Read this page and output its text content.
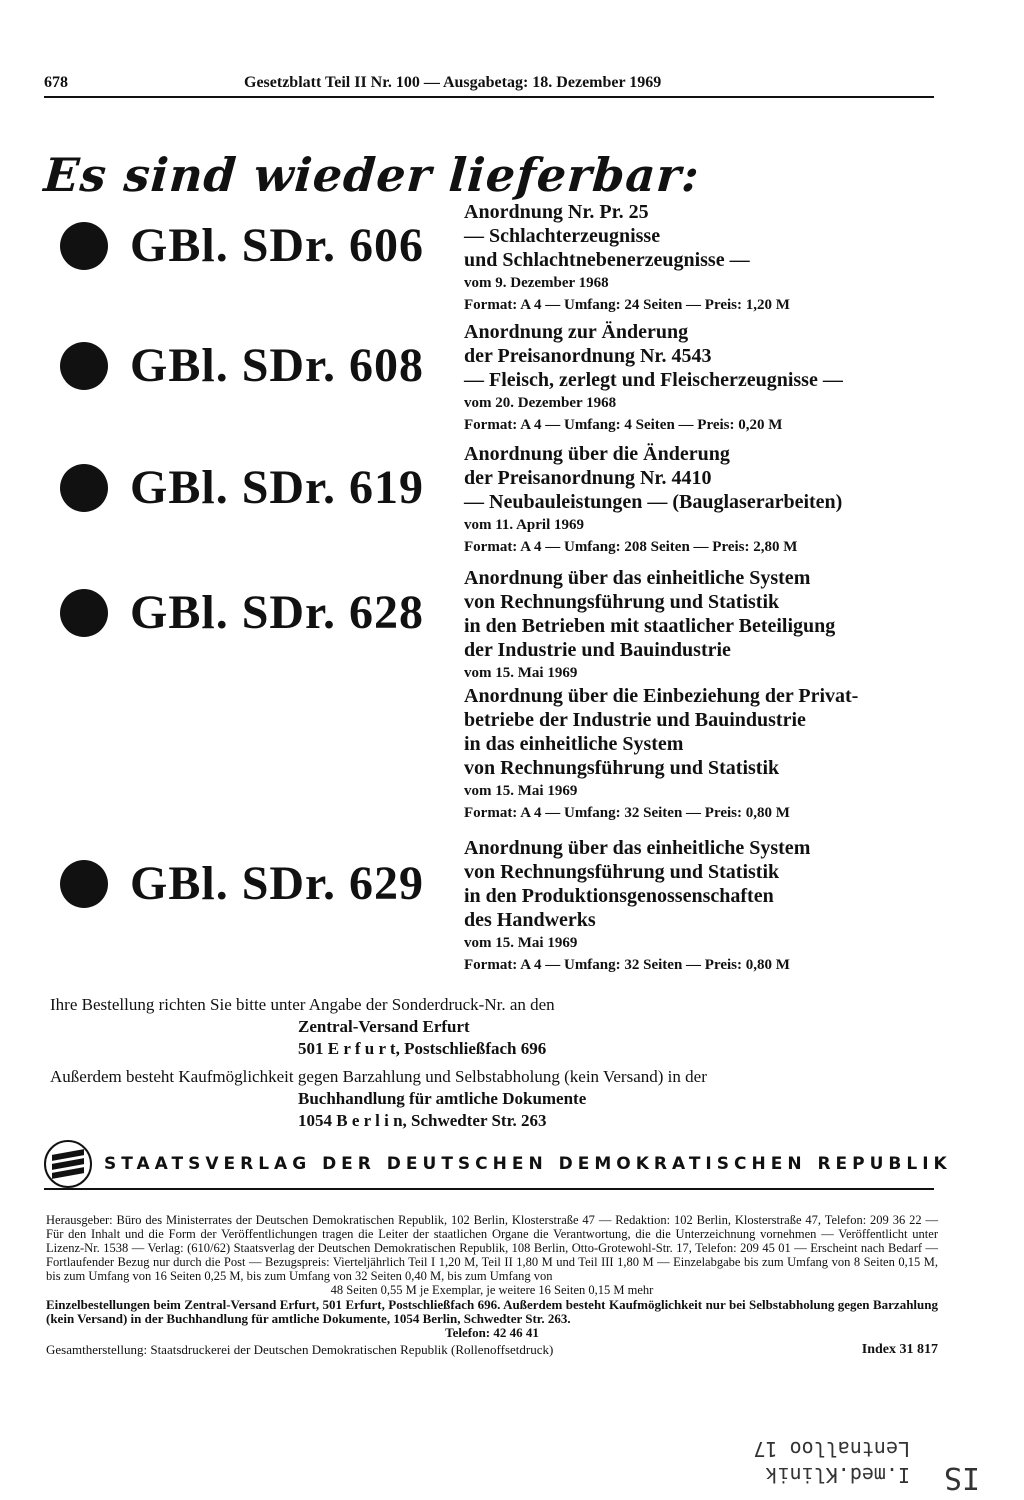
678	Gesetzblatt Teil II Nr. 100 — Ausgabetag: 18. Dezember 1969
Es sind wieder lieferbar:
GBl. SDr. 606
Anordnung Nr. Pr. 25
— Schlachterzeugnisse
und Schlachtnebenerzeugnisse —
vom 9. Dezember 1968
Format: A 4 — Umfang: 24 Seiten — Preis: 1,20 M
GBl. SDr. 608
Anordnung zur Änderung
der Preisanordnung Nr. 4543
— Fleisch, zerlegt und Fleischerzeugnisse —
vom 20. Dezember 1968
Format: A 4 — Umfang: 4 Seiten — Preis: 0,20 M
GBl. SDr. 619
Anordnung über die Änderung
der Preisanordnung Nr. 4410
— Neubauleistungen — (Bauglaserarbeiten)
vom 11. April 1969
Format: A 4 — Umfang: 208 Seiten — Preis: 2,80 M
GBl. SDr. 628
Anordnung über das einheitliche System
von Rechnungsführung und Statistik
in den Betrieben mit staatlicher Beteiligung
der Industrie und Bauindustrie
vom 15. Mai 1969
Anordnung über die Einbeziehung der Privat-
betriebe der Industrie und Bauindustrie
in das einheitliche System
von Rechnungsführung und Statistik
vom 15. Mai 1969
Format: A 4 — Umfang: 32 Seiten — Preis: 0,80 M
GBl. SDr. 629
Anordnung über das einheitliche System
von Rechnungsführung und Statistik
in den Produktionsgenossenschaften
des Handwerks
vom 15. Mai 1969
Format: A 4 — Umfang: 32 Seiten — Preis: 0,80 M
Ihre Bestellung richten Sie bitte unter Angabe der Sonderdruck-Nr. an den
Zentral-Versand Erfurt
501 E r f u r t, Postschließfach 696
Außerdem besteht Kaufmöglichkeit gegen Barzahlung und Selbstabholung (kein Versand) in der
Buchhandlung für amtliche Dokumente
1054 B e r l i n, Schwedter Str. 263
STAATSVERLAG DER DEUTSCHEN DEMOKRATISCHEN REPUBLIK
Herausgeber: Büro des Ministerrates der Deutschen Demokratischen Republik, 102 Berlin, Klosterstraße 47 — Redaktion: 102 Berlin, Klosterstraße 47, Telefon: 209 36 22 — Für den Inhalt und die Form der Veröffentlichungen tragen die Leiter der staatlichen Organe die Verantwortung, die die Unterzeichnung vornehmen — Veröffentlicht unter Lizenz-Nr. 1538 — Verlag: (610/62) Staatsverlag der Deutschen Demokratischen Republik, 108 Berlin, Otto-Grotewohl-Str. 17, Telefon: 209 45 01 — Erscheint nach Bedarf — Fortlaufender Bezug nur durch die Post — Bezugspreis: Vierteljährlich Teil I 1,20 M, Teil II 1,80 M und Teil III 1,80 M — Einzelabgabe bis zum Umfang von 8 Seiten 0,15 M, bis zum Umfang von 16 Seiten 0,25 M, bis zum Umfang von 32 Seiten 0,40 M, bis zum Umfang von
48 Seiten 0,55 M je Exemplar, je weitere 16 Seiten 0,15 M mehr
Einzelbestellungen beim Zentral-Versand Erfurt, 501 Erfurt, Postschließfach 696. Außerdem besteht Kaufmöglichkeit nur bei Selbstabholung gegen Barzahlung (kein Versand) in der Buchhandlung für amtliche Dokumente, 1054 Berlin, Schwedter Str. 263.
Telefon: 42 46 41
Gesamtherstellung: Staatsdruckerei der Deutschen Demokratischen Republik (Rollenoffsetdruck)	Index 31 817
IS
I.med.Klinik
Lentnalloo 17
